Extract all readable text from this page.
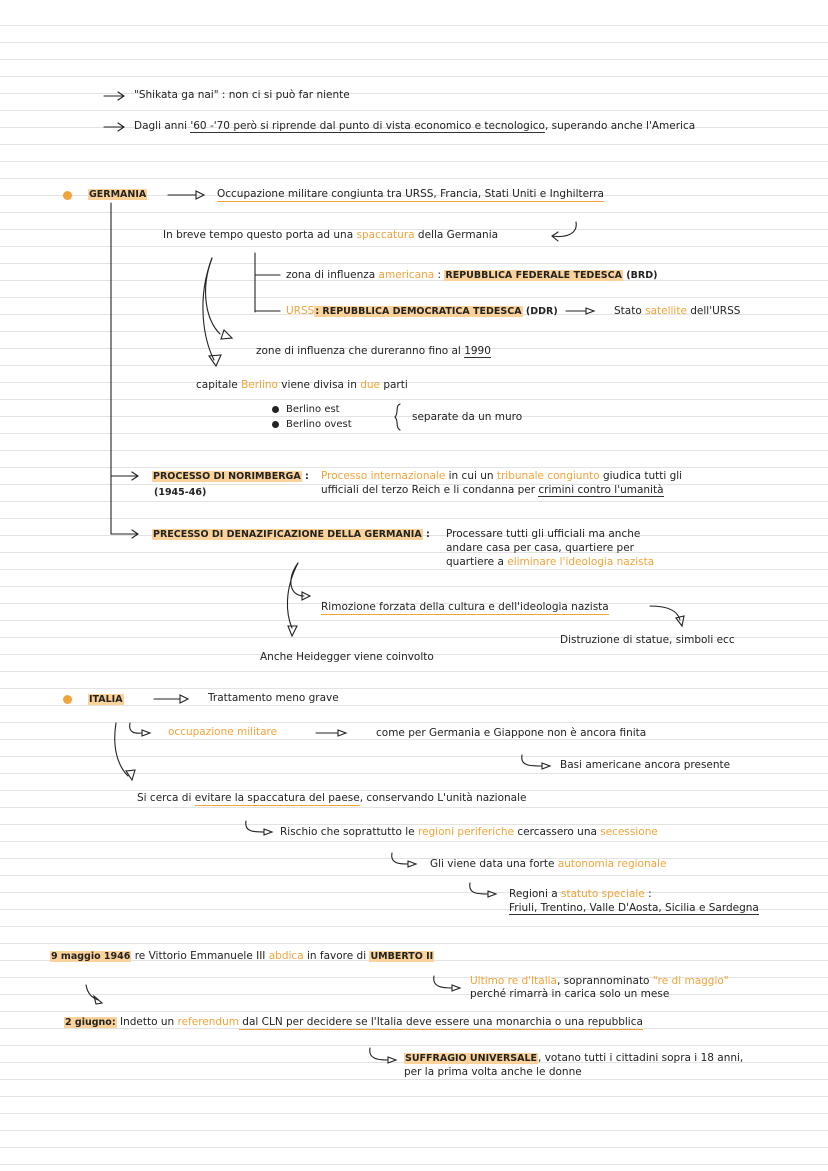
"Shikata ga nai" : non ci si può far niente
Dagli anni '60 -'70 però si riprende dal punto di vista economico e tecnologico, superando anche l'America
GERMANIA	Occupazione militare congiunta tra URSS, Francia, Stati Uniti e Inghilterra
In breve tempo questo porta ad una spaccatura della Germania
zona di influenza americana : REPUBBLICA FEDERALE TEDESCA (BRD)
URSS: REPUBBLICA DEMOCRATICA TEDESCA (DDR)	Stato satellite dell'URSS
zone di influenza che dureranno fino al 1990
capitale Berlino viene divisa in due parti
Berlino est
Berlino ovest
separate da un muro
PROCESSO DI NORIMBERGA :
(1945-46)
Processo internazionale in cui un tribunale congiunto giudica tutti gli
ufficiali del terzo Reich e li condanna per crimini contro l'umanità
PRECESSO DI DENAZIFICAZIONE DELLA GERMANIA : Processare tutti gli ufficiali ma anche
andare casa per casa, quartiere per
quartiere a eliminare l'ideologia nazista
Rimozione forzata della cultura e dell'ideologia nazista
Distruzione di statue, simboli ecc
Anche Heidegger viene coinvolto
ITALIA	Trattamento meno grave
occupazione militare	come per Germania e Giappone non è ancora finita
Basi americane ancora presente
Si cerca di evitare la spaccatura del paese, conservando L'unità nazionale
Rischio che soprattutto le regioni periferiche cercassero una secessione
Gli viene data una forte autonomia regionale
Regioni a statuto speciale :
Friuli, Trentino, Valle D'Aosta, Sicilia e Sardegna
9 maggio 1946 re Vittorio Emmanuele III abdica in favore di UMBERTO II
Ultimo re d'Italia, soprannominato "re di maggio"
perché rimarrà in carica solo un mese
2 giugno: Indetto un referendum dal CLN per decidere se l'Italia deve essere una monarchia o una repubblica
SUFFRAGIO UNIVERSALE, votano tutti i cittadini sopra i 18 anni,
per la prima volta anche le donne
